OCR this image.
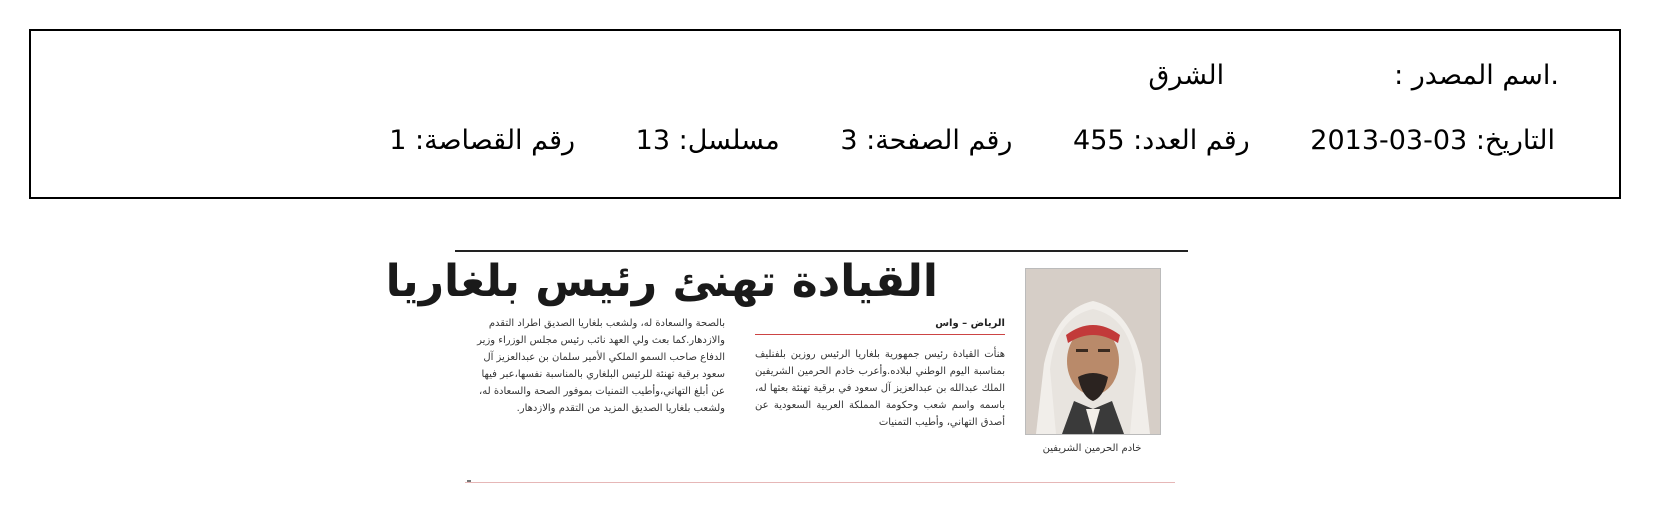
.اسم المصدر :الشرق
التاريخ: 2013-03-03 رقم العدد: 455 رقم الصفحة: 3 مسلسل: 13 رقم القصاصة: 1
القيادة تهنئ رئيس بلغاريا
خادم الحرمين الشريفين
الرياض – واس
هنأت القيادة رئيس جمهورية بلغاريا الرئيس روزين بلفنليف بمناسبة اليوم الوطني لبلاده.وأعرب خادم الحرمين الشريفين الملك عبدالله بن عبدالعزيز آل سعود في برقية تهنئة بعثها له، باسمه واسم شعب وحكومة المملكة العربية السعودية عن أصدق التهاني، وأطيب التمنيات
بالصحة والسعادة له، ولشعب بلغاريا الصديق اطراد التقدم والازدهار.كما بعث ولي العهد نائب رئيس مجلس الوزراء وزير الدفاع صاحب السمو الملكي الأمير سلمان بن عبدالعزيز آل سعود برقية تهنئة للرئيس البلغاري بالمناسبة نفسها،عبر فيها عن أبلغ التهاني،وأطيب التمنيات بموفور الصحة والسعادة له، ولشعب بلغاريا الصديق المزيد من التقدم والازدهار.
